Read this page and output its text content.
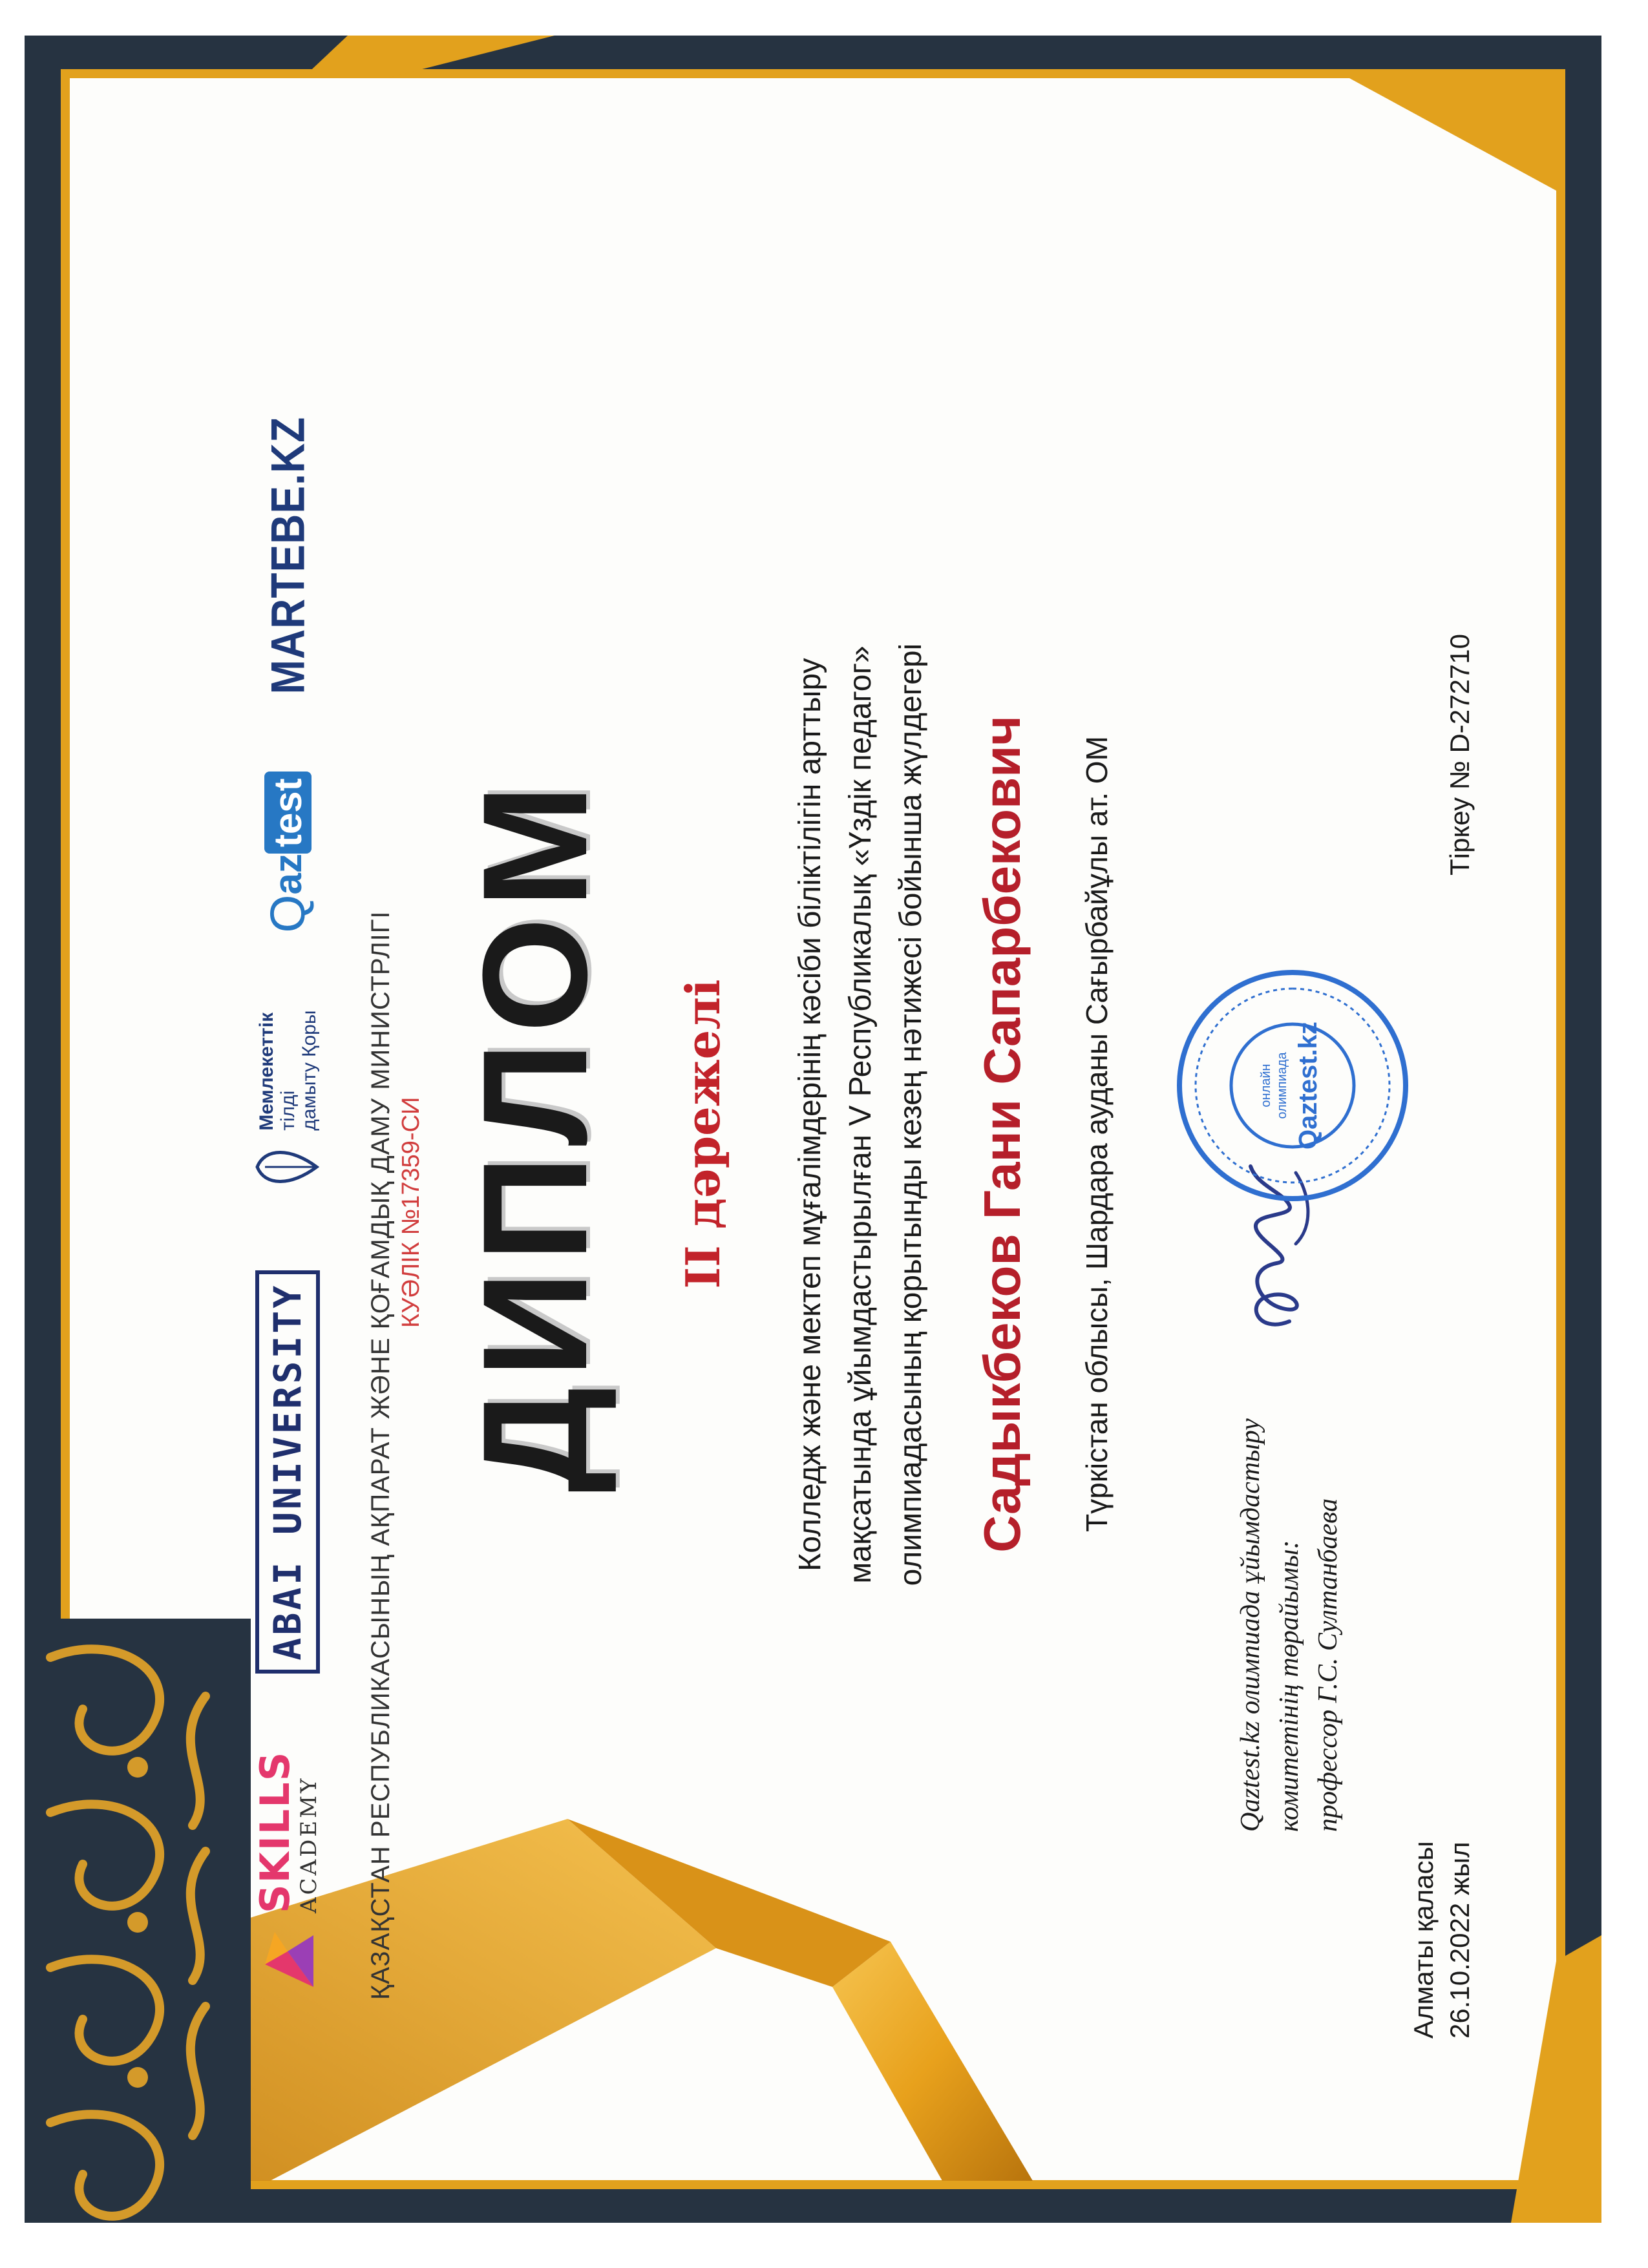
SKILLS
ACADEMY
ABAI UNIVERSITY
Мемлекеттік тілді дамыту Қоры
Q
az
test
MARTEBE.KZ
ҚАЗАҚСТАН РЕСПУБЛИКАСЫНЫҢ АҚПАРАТ ЖӘНЕ ҚОҒАМДЫҚ ДАМУ МИНИСТРЛІГІ КУӘЛІК №17359-СИ ДИПЛОМ ІІ дәрежелі Колледж және мектеп мұғалімдерінің кәсіби біліктілігін арттыру мақсатында ұйымдастырылған V Республикалық «Үздік педагог» олимпиадасының қорытынды кезең нәтижесі бойынша жүлдегері Садыкбеков Гани Сапарбекович Түркістан облысы, Шардара ауданы Сағырбайұлы ат. ОМ
Qaztest.kz олимпиада ұйымдастыру комитетінің төрайымы: профессор Г.С. Султанбаева
онлайн олимпиада Qaztest.kz
Тіркеу № D-272710
Алматы қаласы 26.10.2022 жыл
